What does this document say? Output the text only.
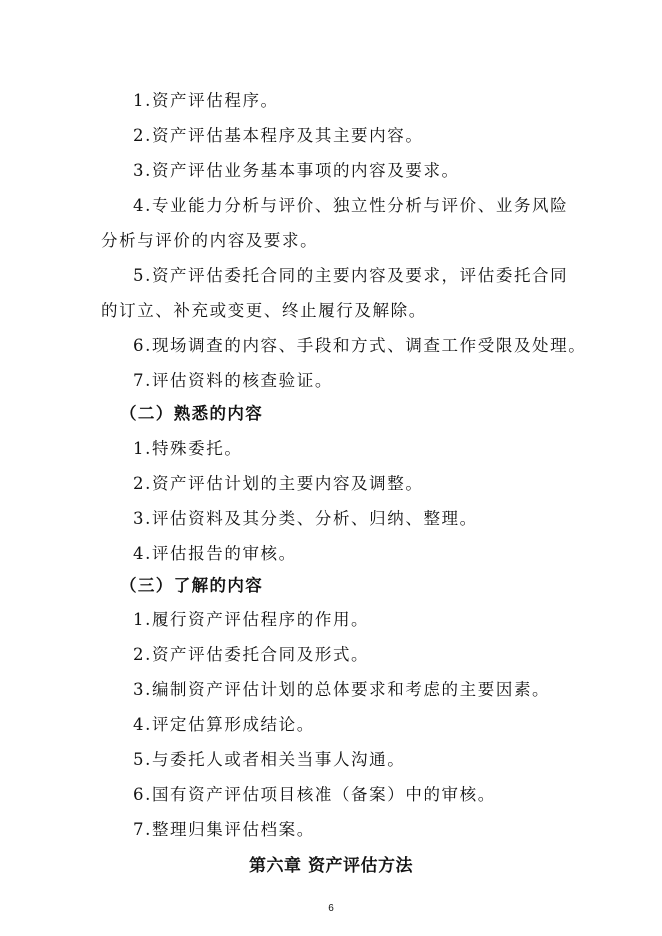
1.资产评估程序。
2.资产评估基本程序及其主要内容。
3.资产评估业务基本事项的内容及要求。
4.专业能力分析与评价、独立性分析与评价、业务风险
分析与评价的内容及要求。
5.资产评估委托合同的主要内容及要求，评估委托合同
的订立、补充或变更、终止履行及解除。
6.现场调查的内容、手段和方式、调查工作受限及处理。
7.评估资料的核查验证。
（二）熟悉的内容
1.特殊委托。
2.资产评估计划的主要内容及调整。
3.评估资料及其分类、分析、归纳、整理。
4.评估报告的审核。
（三）了解的内容
1.履行资产评估程序的作用。
2.资产评估委托合同及形式。
3.编制资产评估计划的总体要求和考虑的主要因素。
4.评定估算形成结论。
5.与委托人或者相关当事人沟通。
6.国有资产评估项目核准（备案）中的审核。
7.整理归集评估档案。
第六章 资产评估方法
6
